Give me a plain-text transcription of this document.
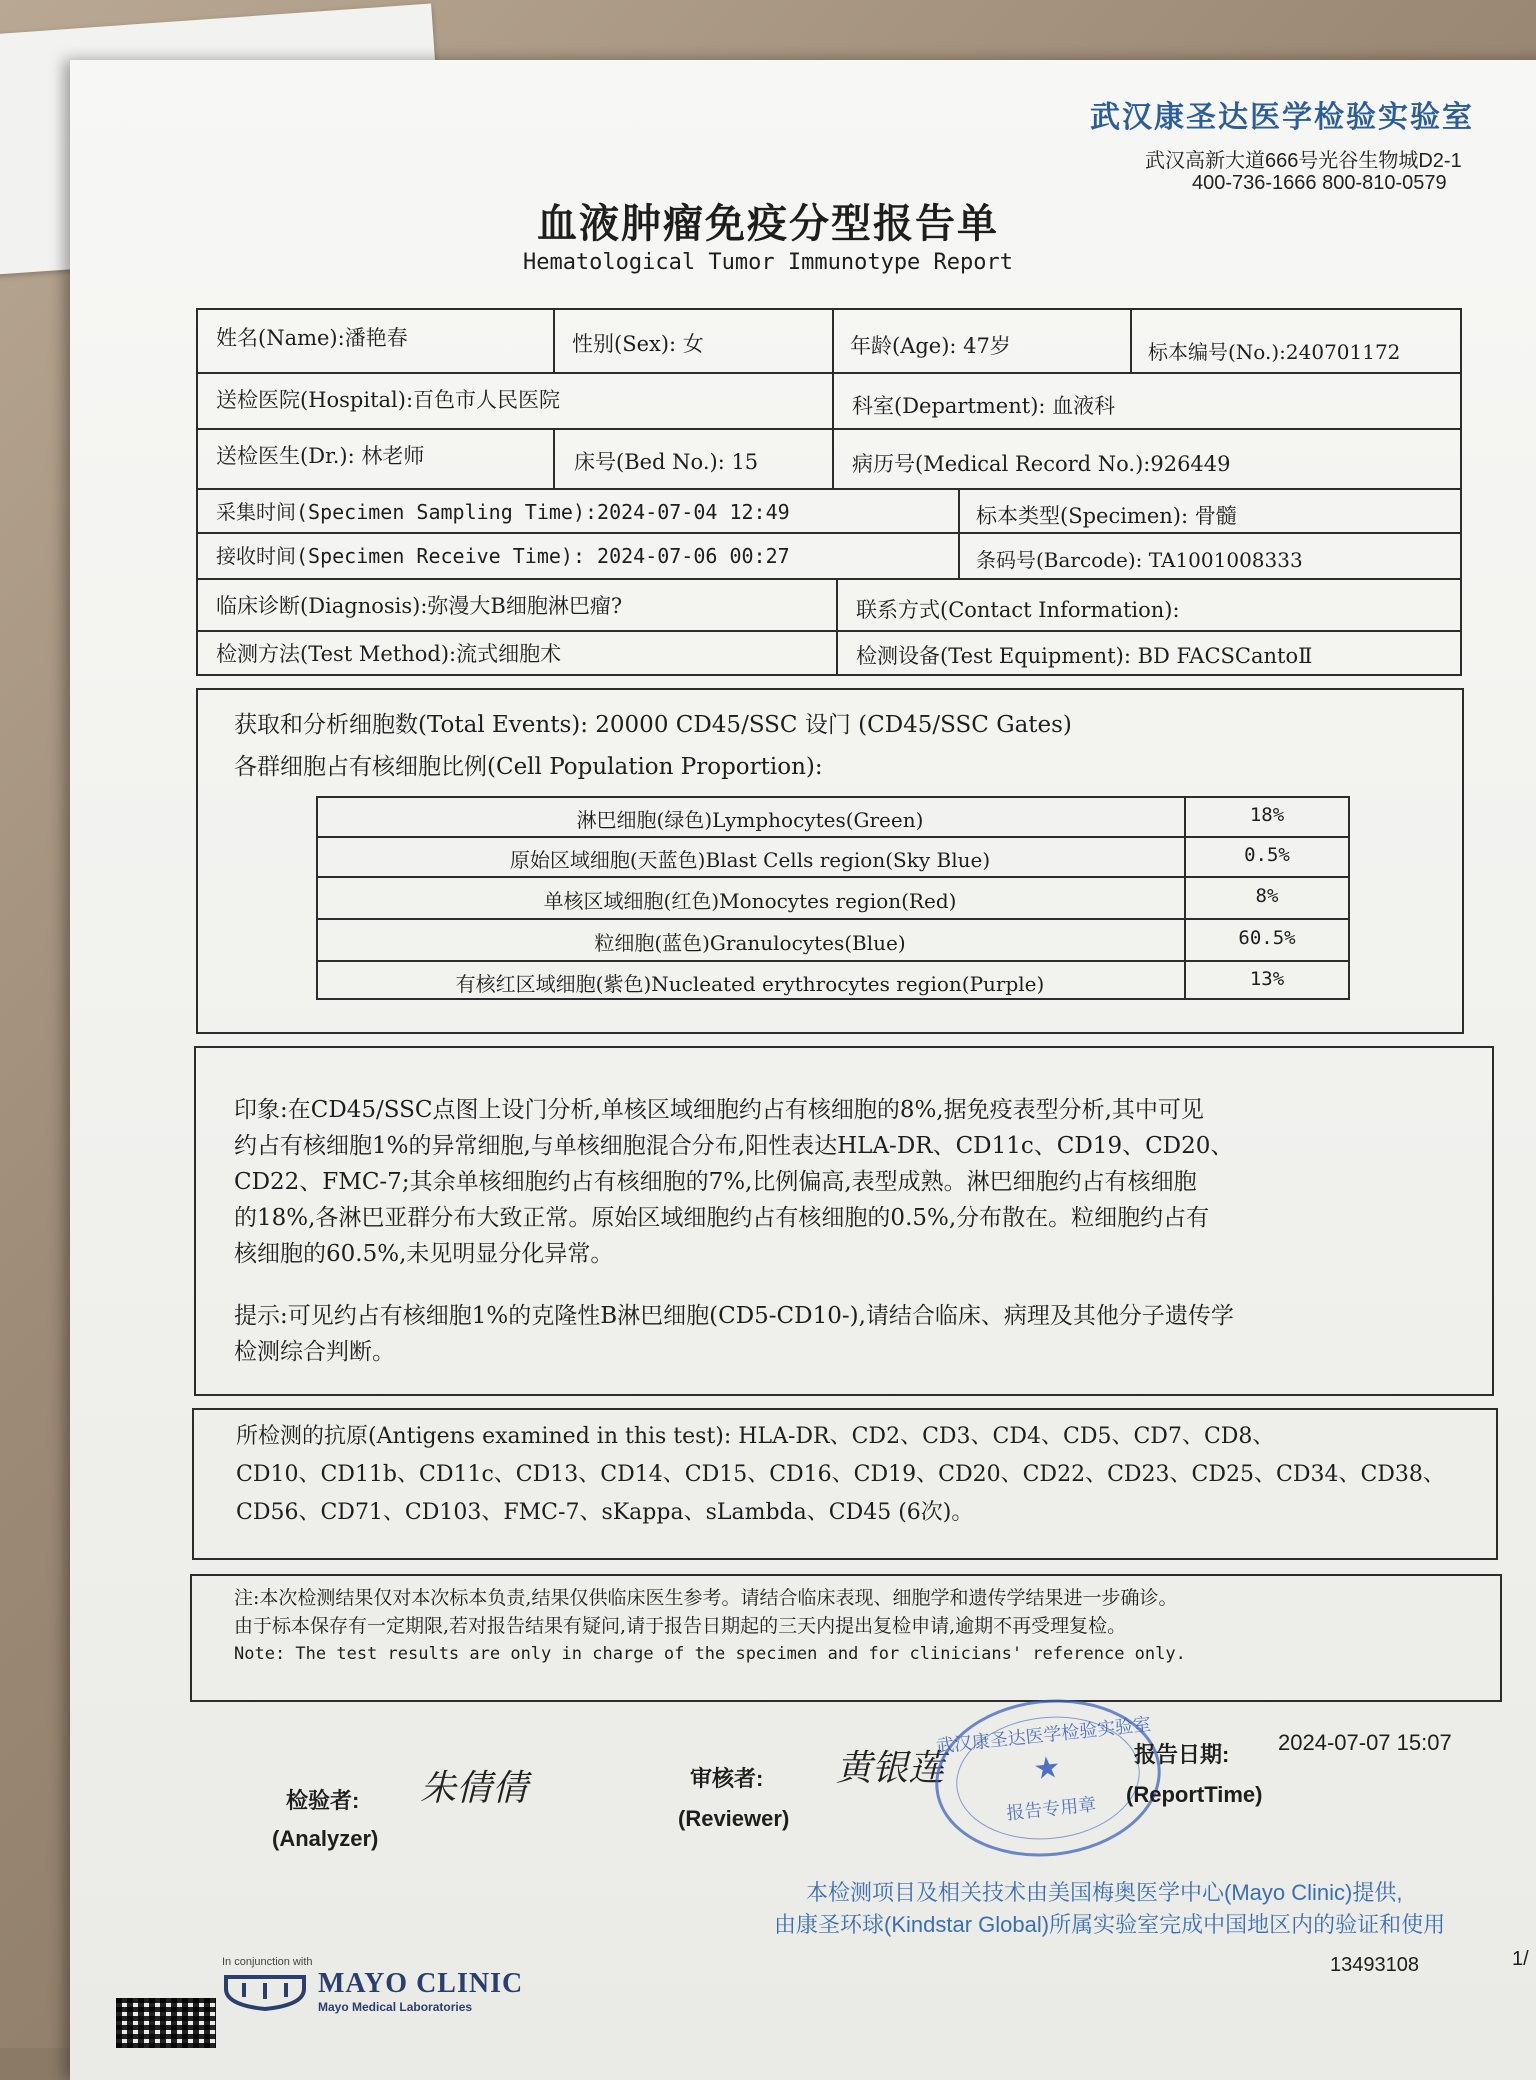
武汉康圣达医学检验实验室
武汉高新大道666号光谷生物城D2-1
400-736-1666 800-810-0579
血液肿瘤免疫分型报告单
Hematological Tumor Immunotype Report
姓名(Name):潘艳春	性别(Sex): 女	年龄(Age): 47岁	标本编号(No.):240701172
送检医院(Hospital):百色市人民医院	科室(Department): 血液科
送检医生(Dr.): 林老师	床号(Bed No.): 15	病历号(Medical Record No.):926449
采集时间(Specimen Sampling Time):2024-07-04 12:49	标本类型(Specimen): 骨髓
接收时间(Specimen Receive Time): 2024-07-06 00:27	条码号(Barcode): TA1001008333
临床诊断(Diagnosis):弥漫大B细胞淋巴瘤?	联系方式(Contact Information):
检测方法(Test Method):流式细胞术	检测设备(Test Equipment): BD FACSCantoⅡ
获取和分析细胞数(Total Events): 20000 CD45/SSC 设门 (CD45/SSC Gates)
各群细胞占有核细胞比例(Cell Population Proportion):
淋巴细胞(绿色)Lymphocytes(Green)	18%
原始区域细胞(天蓝色)Blast Cells region(Sky Blue)	0.5%
单核区域细胞(红色)Monocytes region(Red)	8%
粒细胞(蓝色)Granulocytes(Blue)	60.5%
有核红区域细胞(紫色)Nucleated erythrocytes region(Purple)	13%
印象:在CD45/SSC点图上设门分析,单核区域细胞约占有核细胞的8%,据免疫表型分析,其中可见
约占有核细胞1%的异常细胞,与单核细胞混合分布,阳性表达HLA-DR、CD11c、CD19、CD20、
CD22、FMC-7;其余单核细胞约占有核细胞的7%,比例偏高,表型成熟。淋巴细胞约占有核细胞
的18%,各淋巴亚群分布大致正常。原始区域细胞约占有核细胞的0.5%,分布散在。粒细胞约占有
核细胞的60.5%,未见明显分化异常。
提示:可见约占有核细胞1%的克隆性B淋巴细胞(CD5-CD10-),请结合临床、病理及其他分子遗传学
检测综合判断。
所检测的抗原(Antigens examined in this test): HLA-DR、CD2、CD3、CD4、CD5、CD7、CD8、
CD10、CD11b、CD11c、CD13、CD14、CD15、CD16、CD19、CD20、CD22、CD23、CD25、CD34、CD38、
CD56、CD71、CD103、FMC-7、sKappa、sLambda、CD45 (6次)。
注:本次检测结果仅对本次标本负责,结果仅供临床医生参考。请结合临床表现、细胞学和遗传学结果进一步确诊。
由于标本保存有一定期限,若对报告结果有疑问,请于报告日期起的三天内提出复检申请,逾期不再受理复检。
Note: The test results are only in charge of the specimen and for clinicians' reference only.
检验者:
(Analyzer)
朱倩倩	审核者:
(Reviewer)
黄银莲
武汉康圣达医学检验实验室
★
报告专用章
报告日期:
(ReportTime)
2024-07-07 15:07
本检测项目及相关技术由美国梅奥医学中心(Mayo Clinic)提供,
由康圣环球(Kindstar Global)所属实验室完成中国地区内的验证和使用
13493108	1/
In conjunction with
MAYO CLINIC
Mayo Medical Laboratories
